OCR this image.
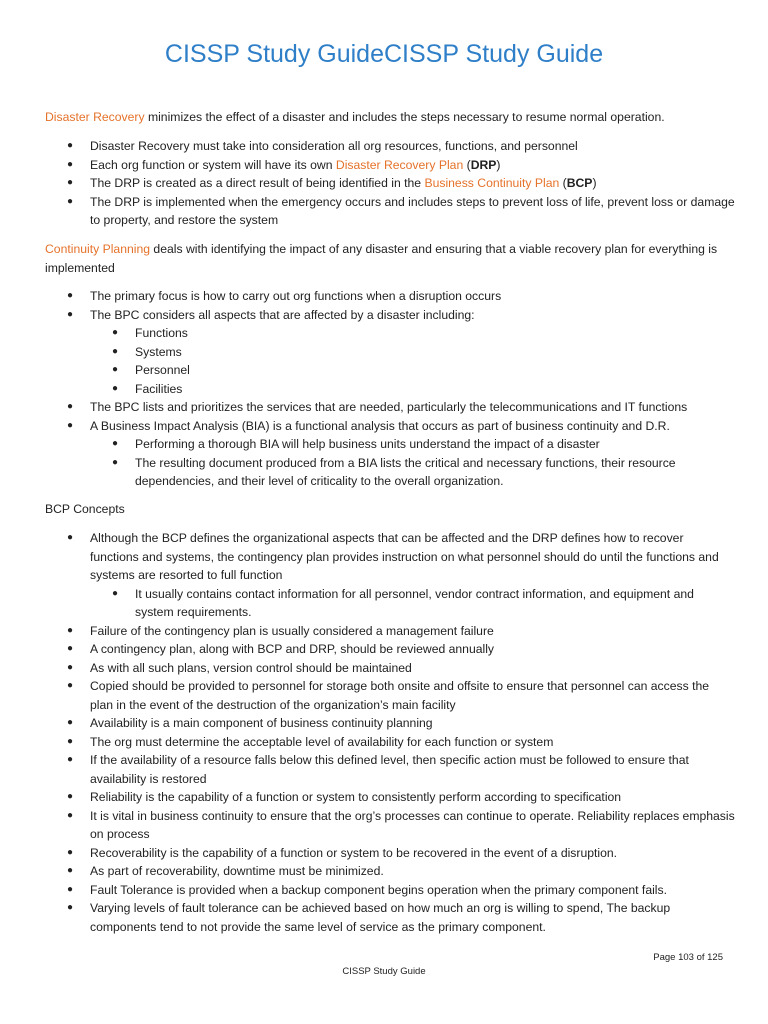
CISSP Study GuideCISSP Study Guide

Disaster Recovery minimizes the effect of a disaster and includes the steps necessary to resume normal operation.

● Disaster Recovery must take into consideration all org resources, functions, and personnel
● Each org function or system will have its own Disaster Recovery Plan (DRP)
● The DRP is created as a direct result of being identified in the Business Continuity Plan (BCP)
● The DRP is implemented when the emergency occurs and includes steps to prevent loss of life, prevent loss or damage to property, and restore the system

Continuity Planning deals with identifying the impact of any disaster and ensuring that a viable recovery plan for everything is implemented

● The primary focus is how to carry out org functions when a disruption occurs
● The BPC considers all aspects that are affected by a disaster including:
● Functions
● Systems
● Personnel
● Facilities
● The BPC lists and prioritizes the services that are needed, particularly the telecommunications and IT functions
● A Business Impact Analysis (BIA) is a functional analysis that occurs as part of business continuity and D.R.
● Performing a thorough BIA will help business units understand the impact of a disaster
● The resulting document produced from a BIA lists the critical and necessary functions, their resource dependencies, and their level of criticality to the overall organization.

BCP Concepts

● Although the BCP defines the organizational aspects that can be affected and the DRP defines how to recover functions and systems, the contingency plan provides instruction on what personnel should do until the functions and systems are resorted to full function
● It usually contains contact information for all personnel, vendor contract information, and equipment and system requirements.
● Failure of the contingency plan is usually considered a management failure
● A contingency plan, along with BCP and DRP, should be reviewed annually
● As with all such plans, version control should be maintained
● Copied should be provided to personnel for storage both onsite and offsite to ensure that personnel can access the plan in the event of the destruction of the organization’s main facility
● Availability is a main component of business continuity planning
● The org must determine the acceptable level of availability for each function or system
● If the availability of a resource falls below this defined level, then specific action must be followed to ensure that availability is restored
● Reliability is the capability of a function or system to consistently perform according to specification
● It is vital in business continuity to ensure that the org’s processes can continue to operate. Reliability replaces emphasis on process
● Recoverability is the capability of a function or system to be recovered in the event of a disruption.
● As part of recoverability, downtime must be minimized.
● Fault Tolerance is provided when a backup component begins operation when the primary component fails.
● Varying levels of fault tolerance can be achieved based on how much an org is willing to spend, The backup components tend to not provide the same level of service as the primary component.
Page 103 of 125
CISSP Study Guide
